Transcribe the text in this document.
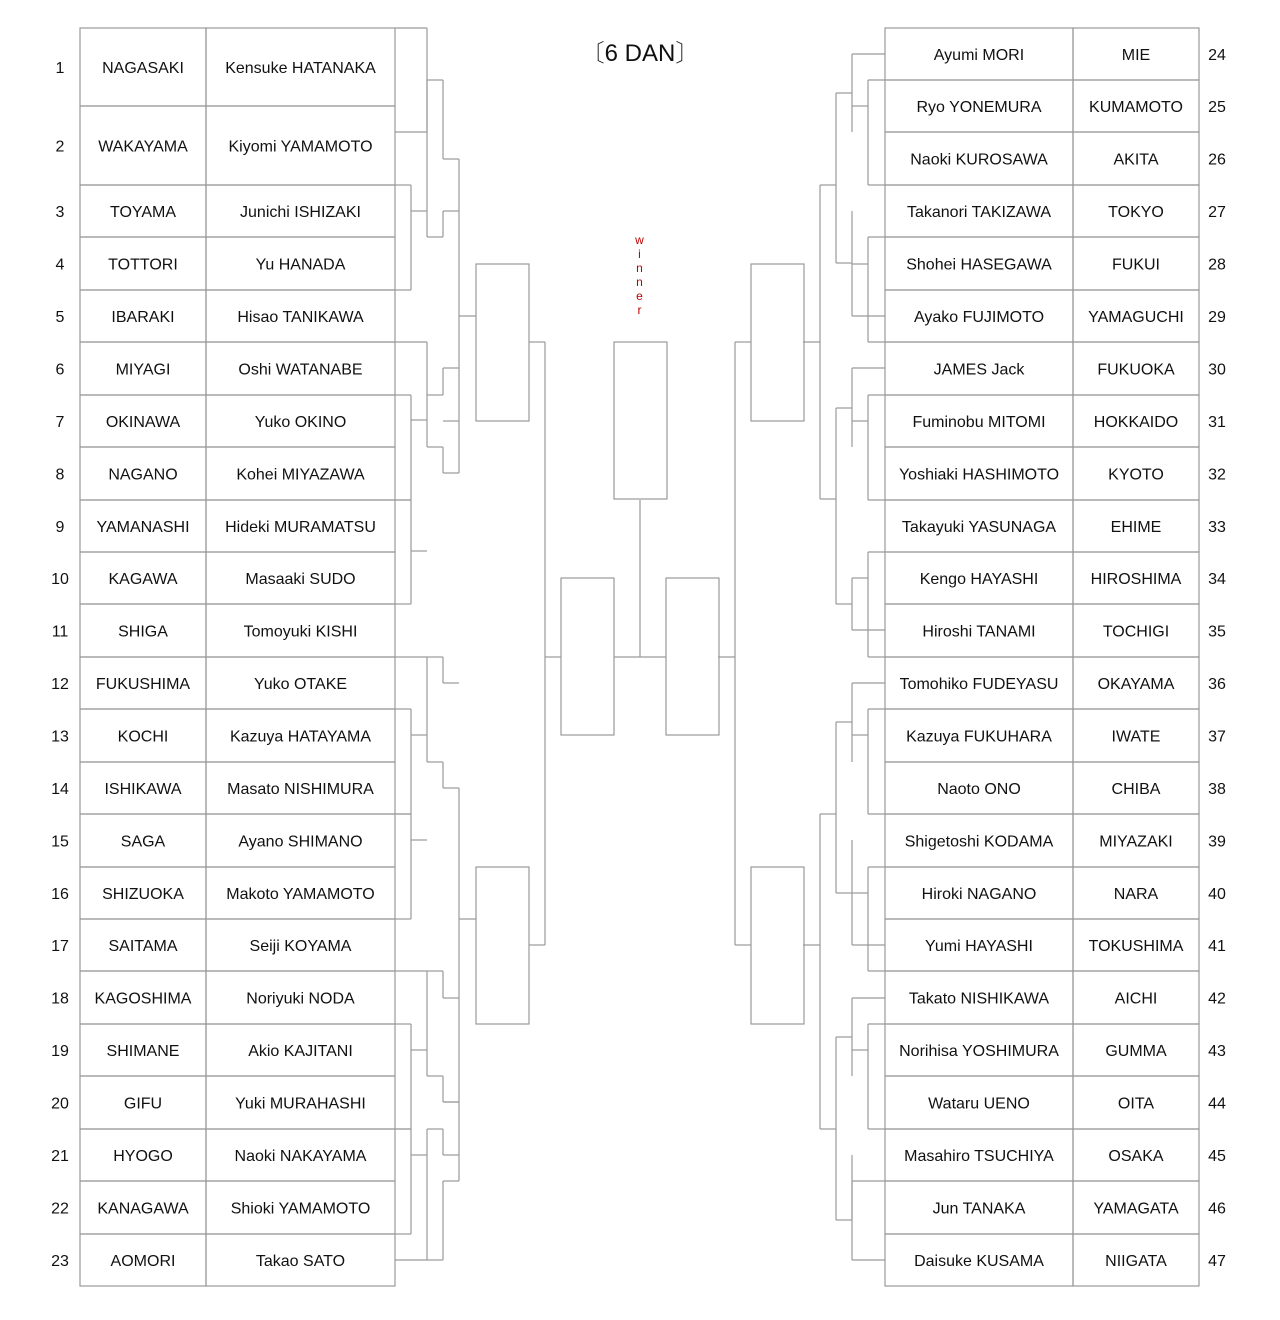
〔6 DAN〕
1 NAGASAKI	Kensuke HATANAKA
2 WAKAYAMA	Kiyomi YAMAMOTO
3	TOYAMA	Junichi ISHIZAKI
4	TOTTORI	Yu HANADA
5	IBARAKI	Hisao TANIKAWA
6	MIYAGI	Oshi WATANABE
7	OKINAWA	Yuko OKINO
8	NAGANO	Kohei MIYAZAWA
9 YAMANASHI Hideki MURAMATSU
10 KAGAWA	Masaaki SUDO
11	SHIGA	Tomoyuki KISHI
12 FUKUSHIMA	Yuko OTAKE
13	KOCHI	Kazuya HATAYAMA
14 ISHIKAWA	Masato NISHIMURA
15	SAGA	Ayano SHIMANO
16 SHIZUOKA	Makoto YAMAMOTO
17 SAITAMA	Seiji KOYAMA
18 KAGOSHIMA	Noriyuki NODA
19 SHIMANE	Akio KAJITANI
20	GIFU	Yuki MURAHASHI
21	HYOGO	Naoki NAKAYAMA
22 KANAGAWA	Shioki YAMAMOTO
23	AOMORI	Takao SATO
Ayumi MORI	MIE	24
Ryo YONEMURA	KUMAMOTO 25
Naoki KUROSAWA	AKITA	26
Takanori TAKIZAWA	TOKYO	27
Shohei HASEGAWA	FUKUI	28
Ayako FUJIMOTO	YAMAGUCHI 29
JAMES Jack	FUKUOKA 30
Fuminobu MITOMI	HOKKAIDO 31
Yoshiaki HASHIMOTO	KYOTO	32
Takayuki YASUNAGA	EHIME	33
Kengo HAYASHI	HIROSHIMA 34
Hiroshi TANAMI	TOCHIGI 35
Tomohiko FUDEYASU OKAYAMA 36
Kazuya FUKUHARA	IWATE	37
Naoto ONO	CHIBA	38
Shigetoshi KODAMA	MIYAZAKI 39
Hiroki NAGANO	NARA	40
Yumi HAYASHI	TOKUSHIMA 41
Takato NISHIKAWA	AICHI	42
Norihisa YOSHIMURA	GUMMA	43
Wataru UENO	OITA	44
Masahiro TSUCHIYA	OSAKA	45
Jun TANAKA	YAMAGATA 46
Daisuke KUSAMA	NIIGATA	47
w i n n e r
